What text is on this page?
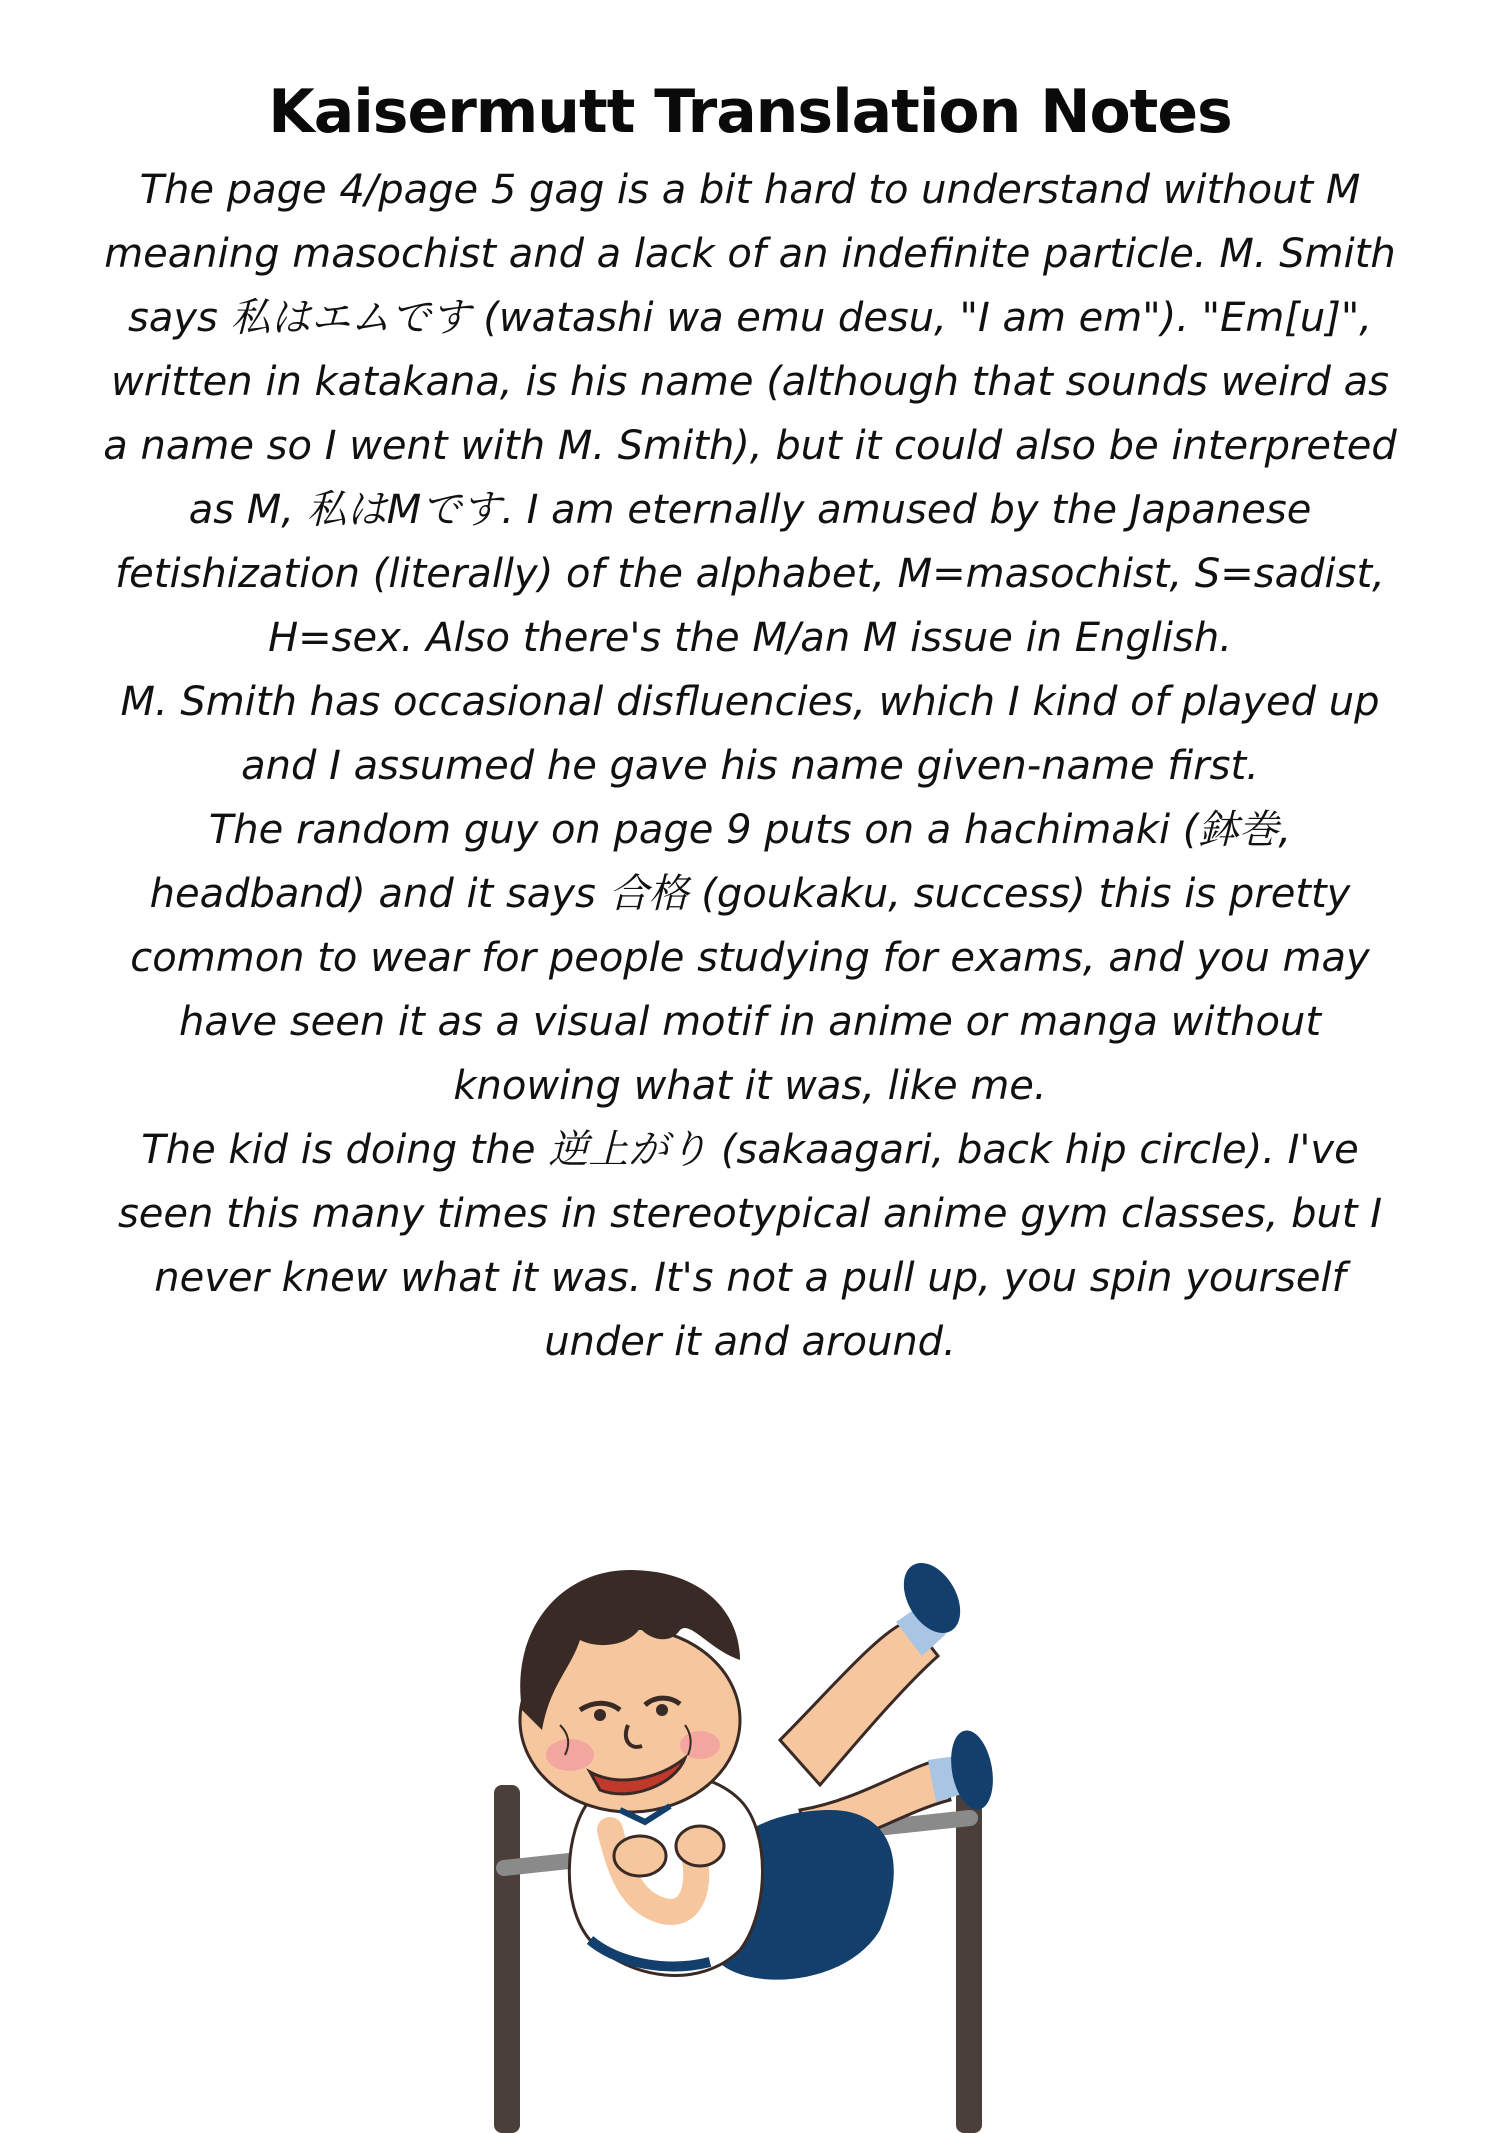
Kaisermutt Translation Notes

The page 4/page 5 gag is a bit hard to understand without M meaning masochist and a lack of an indefinite particle. M. Smith says 私はエムです (watashi wa emu desu, "I am em"). "Em[u]", written in katakana, is his name (although that sounds weird as a name so I went with M. Smith), but it could also be interpreted as M, 私はMです. I am eternally amused by the Japanese fetishization (literally) of the alphabet, M=masochist, S=sadist, H=sex. Also there's the M/an M issue in English.

M. Smith has occasional disfluencies, which I kind of played up and I assumed he gave his name given-name first.

The random guy on page 9 puts on a hachimaki (鉢巻, headband) and it says 合格 (goukaku, success) this is pretty common to wear for people studying for exams, and you may have seen it as a visual motif in anime or manga without knowing what it was, like me.

The kid is doing the 逆上がり (sakaagari, back hip circle). I've seen this many times in stereotypical anime gym classes, but I never knew what it was. It's not a pull up, you spin yourself under it and around.
